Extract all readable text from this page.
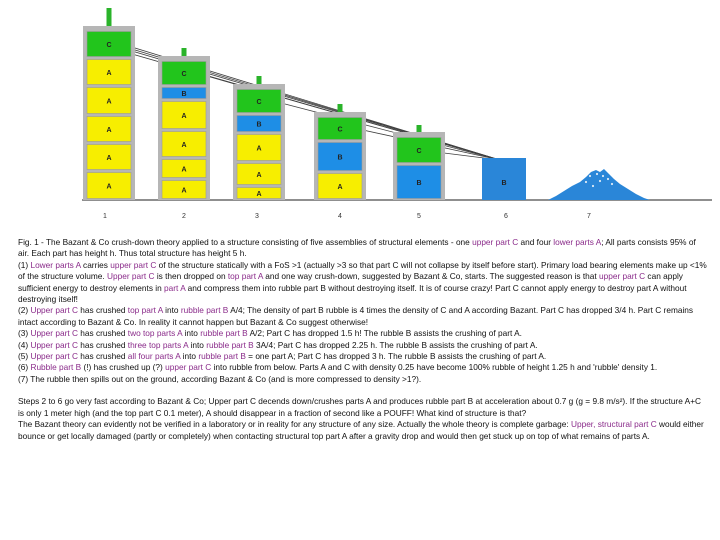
C
A
A
A
A
A
C
B
A
A
A
A
C
B
A
A
A
C
B
A
C
B	B
1	2	3	4	5	6	7

Fig. 1 - The Bazant & Co crush-down theory applied to a structure consisting of five assemblies of structural elements - one upper part C and four lower parts A; All parts consists 95% of air. Each part has height h. Thus total structure has height 5 h.

(1) Lower parts A carries upper part C of the structure statically with a FoS >1 (actually >3 so that part C will not collapse by itself before start). Primary load bearing elements make up <1% of the structure volume. Upper part C is then dropped on top part A and one way crush-down, suggested by Bazant & Co, starts. The suggested reason is that upper part C can apply sufficient energy to destroy elements in part A and compress them into rubble part B without destroying itself. It is of course crazy! Part C cannot apply energy to destroy part A without destroying itself!

(2) Upper part C has crushed top part A into rubble part B A/4; The density of part B rubble is 4 times the density of C and A according Bazant. Part C has dropped 3/4 h. Part C remains intact according to Bazant & Co. In reality it cannot happen but Bazant & Co suggest otherwise!

(3) Upper part C has crushed two top parts A into rubble part B A/2; Part C has dropped 1.5 h! The rubble B assists the crushing of part A.

(4) Upper part C has crushed three top parts A into rubble part B 3A/4; Part C has dropped 2.25 h. The rubble B assists the crushing of part A.

(5) Upper part C has crushed all four parts A into rubble part B = one part A; Part C has dropped 3 h. The rubble B assists the crushing of part A.

(6) Rubble part B (!) has crushed up (?) upper part C into rubble from below. Parts A and C with density 0.25 have become 100% rubble of height 1.25 h and 'rubble' density 1.

(7) The rubble then spills out on the ground, according Bazant & Co (and is more compressed to density >1?).

Steps 2 to 6 go very fast according to Bazant & Co; Upper part C decends down/crushes parts A and produces rubble part B at acceleration about 0.7 g (g = 9.8 m/s²). If the structure A+C is only 1 meter high (and the top part C 0.1 meter), A should disappear in a fraction of second like a POUFF! What kind of structure is that?

The Bazant theory can evidently not be verified in a laboratory or in reality for any structure of any size. Actually the whole theory is complete garbage: Upper, structural part C would either bounce or get locally damaged (partly or completely) when contacting structural top part A after a gravity drop and would then get stuck up on top of what remains of parts A.
